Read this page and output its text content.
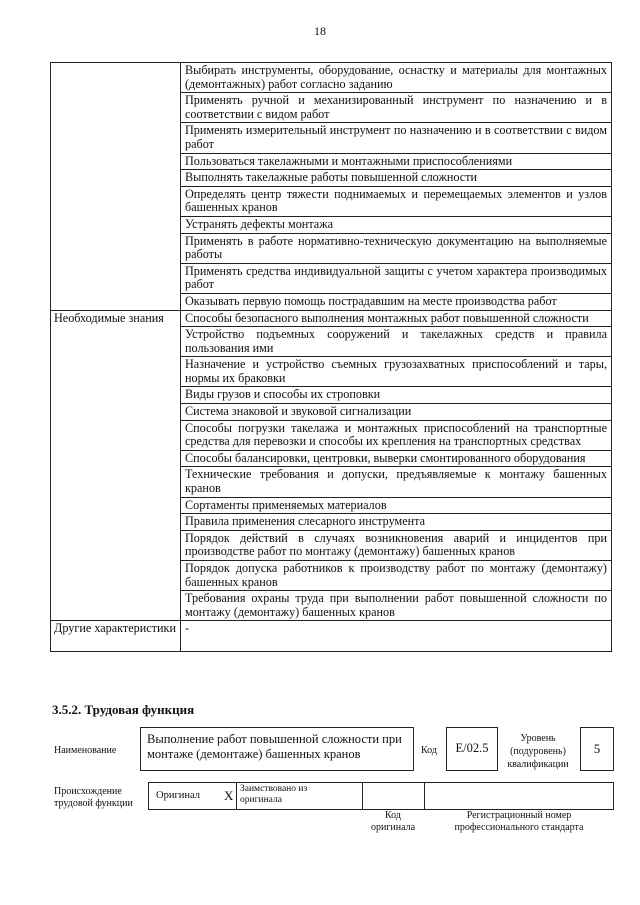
18
	Выбирать инструменты, оборудование, оснастку и материалы для монтажных (демонтажных) работ согласно заданию
	Применять ручной и механизированный инструмент по назначению и в соответствии с видом работ
	Применять измерительный инструмент по назначению и в соответствии с видом работ
	Пользоваться такелажными и монтажными приспособлениями
	Выполнять такелажные работы повышенной сложности
	Определять центр тяжести поднимаемых и перемещаемых элементов и узлов башенных кранов
	Устранять дефекты монтажа
	Применять в работе нормативно-техническую документацию на выполняемые работы
	Применять средства индивидуальной защиты с учетом характера производимых работ
	Оказывать первую помощь пострадавшим на месте производства работ
Необходимые знания	Способы безопасного выполнения монтажных работ повышенной сложности
	Устройство подъемных сооружений и такелажных средств и правила пользования ими
	Назначение и устройство съемных грузозахватных приспособлений и тары, нормы их браковки
	Виды грузов и способы их строповки
	Система знаковой и звуковой сигнализации
	Способы погрузки такелажа и монтажных приспособлений на транспортные средства для перевозки и способы их крепления на транспортных средствах
	Способы балансировки, центровки, выверки смонтированного оборудования
	Технические требования и допуски, предъявляемые к монтажу башенных кранов
	Сортаменты применяемых материалов
	Правила применения слесарного инструмента
	Порядок действий в случаях возникновения аварий и инцидентов при производстве работ по монтажу (демонтажу) башенных кранов
	Порядок допуска работников к производству работ по монтажу (демонтажу) башенных кранов
	Требования охраны труда при выполнении работ повышенной сложности по монтажу (демонтажу) башенных кранов
Другие характеристики	-
3.5.2. Трудовая функция
Наименование
Выполнение работ повышенной сложности при монтаже (демонтаже) башенных кранов	Код	E/02.5
Уровень (подуровень) квалификации
5
Происхождение трудовой функции
Оригинал X Заимствовано из оригинала
Код оригинала
Регистрационный номер профессионального стандарта
